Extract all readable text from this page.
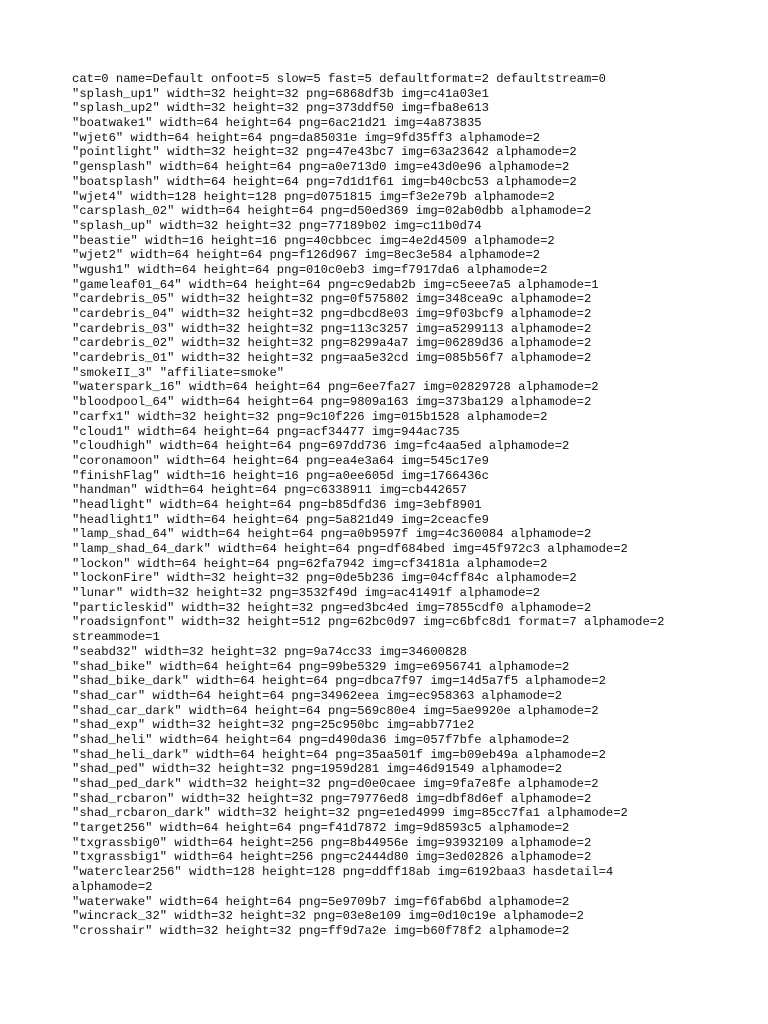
cat=0 name=Default onfoot=5 slow=5 fast=5 defaultformat=2 defaultstream=0
"splash_up1" width=32 height=32 png=6868df3b img=c41a03e1
"splash_up2" width=32 height=32 png=373ddf50 img=fba8e613
"boatwake1" width=64 height=64 png=6ac21d21 img=4a873835
"wjet6" width=64 height=64 png=da85031e img=9fd35ff3 alphamode=2
"pointlight" width=32 height=32 png=47e43bc7 img=63a23642 alphamode=2
"gensplash" width=64 height=64 png=a0e713d0 img=e43d0e96 alphamode=2
"boatsplash" width=64 height=64 png=7d1d1f61 img=b40cbc53 alphamode=2
"wjet4" width=128 height=128 png=d0751815 img=f3e2e79b alphamode=2
"carsplash_02" width=64 height=64 png=d50ed369 img=02ab0dbb alphamode=2
"splash_up" width=32 height=32 png=77189b02 img=c11b0d74
"beastie" width=16 height=16 png=40cbbcec img=4e2d4509 alphamode=2
"wjet2" width=64 height=64 png=f126d967 img=8ec3e584 alphamode=2
"wgush1" width=64 height=64 png=010c0eb3 img=f7917da6 alphamode=2
"gameleaf01_64" width=64 height=64 png=c9edab2b img=c5eee7a5 alphamode=1
"cardebris_05" width=32 height=32 png=0f575802 img=348cea9c alphamode=2
"cardebris_04" width=32 height=32 png=dbcd8e03 img=9f03bcf9 alphamode=2
"cardebris_03" width=32 height=32 png=113c3257 img=a5299113 alphamode=2
"cardebris_02" width=32 height=32 png=8299a4a7 img=06289d36 alphamode=2
"cardebris_01" width=32 height=32 png=aa5e32cd img=085b56f7 alphamode=2
"smokeII_3" "affiliate=smoke"
"waterspark_16" width=64 height=64 png=6ee7fa27 img=02829728 alphamode=2
"bloodpool_64" width=64 height=64 png=9809a163 img=373ba129 alphamode=2
"carfx1" width=32 height=32 png=9c10f226 img=015b1528 alphamode=2
"cloud1" width=64 height=64 png=acf34477 img=944ac735
"cloudhigh" width=64 height=64 png=697dd736 img=fc4aa5ed alphamode=2
"coronamoon" width=64 height=64 png=ea4e3a64 img=545c17e9
"finishFlag" width=16 height=16 png=a0ee605d img=1766436c
"handman" width=64 height=64 png=c6338911 img=cb442657
"headlight" width=64 height=64 png=b85dfd36 img=3ebf8901
"headlight1" width=64 height=64 png=5a821d49 img=2ceacfe9
"lamp_shad_64" width=64 height=64 png=a0b9597f img=4c360084 alphamode=2
"lamp_shad_64_dark" width=64 height=64 png=df684bed img=45f972c3 alphamode=2
"lockon" width=64 height=64 png=62fa7942 img=cf34181a alphamode=2
"lockonFire" width=32 height=32 png=0de5b236 img=04cff84c alphamode=2
"lunar" width=32 height=32 png=3532f49d img=ac41491f alphamode=2
"particleskid" width=32 height=32 png=ed3bc4ed img=7855cdf0 alphamode=2
"roadsignfont" width=32 height=512 png=62bc0d97 img=c6bfc8d1 format=7 alphamode=2
streammode=1
"seabd32" width=32 height=32 png=9a74cc33 img=34600828
"shad_bike" width=64 height=64 png=99be5329 img=e6956741 alphamode=2
"shad_bike_dark" width=64 height=64 png=dbca7f97 img=14d5a7f5 alphamode=2
"shad_car" width=64 height=64 png=34962eea img=ec958363 alphamode=2
"shad_car_dark" width=64 height=64 png=569c80e4 img=5ae9920e alphamode=2
"shad_exp" width=32 height=32 png=25c950bc img=abb771e2
"shad_heli" width=64 height=64 png=d490da36 img=057f7bfe alphamode=2
"shad_heli_dark" width=64 height=64 png=35aa501f img=b09eb49a alphamode=2
"shad_ped" width=32 height=32 png=1959d281 img=46d91549 alphamode=2
"shad_ped_dark" width=32 height=32 png=d0e0caee img=9fa7e8fe alphamode=2
"shad_rcbaron" width=32 height=32 png=79776ed8 img=dbf8d6ef alphamode=2
"shad_rcbaron_dark" width=32 height=32 png=e1ed4999 img=85cc7fa1 alphamode=2
"target256" width=64 height=64 png=f41d7872 img=9d8593c5 alphamode=2
"txgrassbig0" width=64 height=256 png=8b44956e img=93932109 alphamode=2
"txgrassbig1" width=64 height=256 png=c2444d80 img=3ed02826 alphamode=2
"waterclear256" width=128 height=128 png=ddff18ab img=6192baa3 hasdetail=4
alphamode=2
"waterwake" width=64 height=64 png=5e9709b7 img=f6fab6bd alphamode=2
"wincrack_32" width=32 height=32 png=03e8e109 img=0d10c19e alphamode=2
"crosshair" width=32 height=32 png=ff9d7a2e img=b60f78f2 alphamode=2
